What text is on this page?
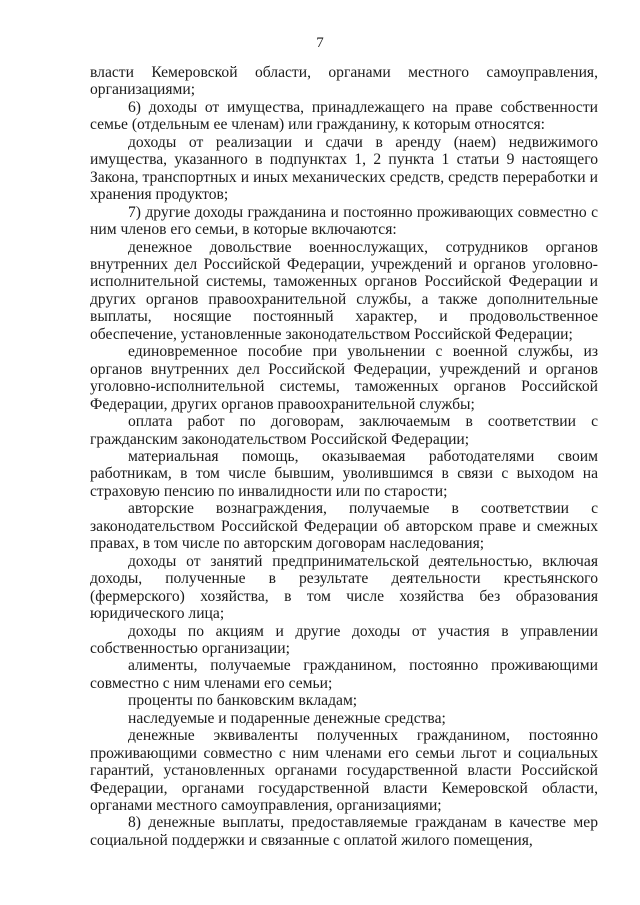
7

власти Кемеровской области, органами местного самоуправления, организациями;

6) доходы от имущества, принадлежащего на праве собственности семье (отдельным ее членам) или гражданину, к которым относятся:

доходы от реализации и сдачи в аренду (наем) недвижимого имущества, указанного в подпунктах 1, 2 пункта 1 статьи 9 настоящего Закона, транспортных и иных механических средств, средств переработки и хранения продуктов;

7) другие доходы гражданина и постоянно проживающих совместно с ним членов его семьи, в которые включаются:

денежное довольствие военнослужащих, сотрудников органов внутренних дел Российской Федерации, учреждений и органов уголовно-исполнительной системы, таможенных органов Российской Федерации и других органов правоохранительной службы, а также дополнительные выплаты, носящие постоянный характер, и продовольственное обеспечение, установленные законодательством Российской Федерации;

единовременное пособие при увольнении с военной службы, из органов внутренних дел Российской Федерации, учреждений и органов уголовно-исполнительной системы, таможенных органов Российской Федерации, других органов правоохранительной службы;

оплата работ по договорам, заключаемым в соответствии с гражданским законодательством Российской Федерации;

материальная помощь, оказываемая работодателями своим работникам, в том числе бывшим, уволившимся в связи с выходом на страховую пенсию по инвалидности или по старости;

авторские вознаграждения, получаемые в соответствии с законодательством Российской Федерации об авторском праве и смежных правах, в том числе по авторским договорам наследования;

доходы от занятий предпринимательской деятельностью, включая доходы, полученные в результате деятельности крестьянского (фермерского) хозяйства, в том числе хозяйства без образования юридического лица;

доходы по акциям и другие доходы от участия в управлении собственностью организации;

алименты, получаемые гражданином, постоянно проживающими совместно с ним членами его семьи;

проценты по банковским вкладам;

наследуемые и подаренные денежные средства;

денежные эквиваленты полученных гражданином, постоянно проживающими совместно с ним членами его семьи льгот и социальных гарантий, установленных органами государственной власти Российской Федерации, органами государственной власти Кемеровской области, органами местного самоуправления, организациями;

8) денежные выплаты, предоставляемые гражданам в качестве мер социальной поддержки и связанные с оплатой жилого помещения,
